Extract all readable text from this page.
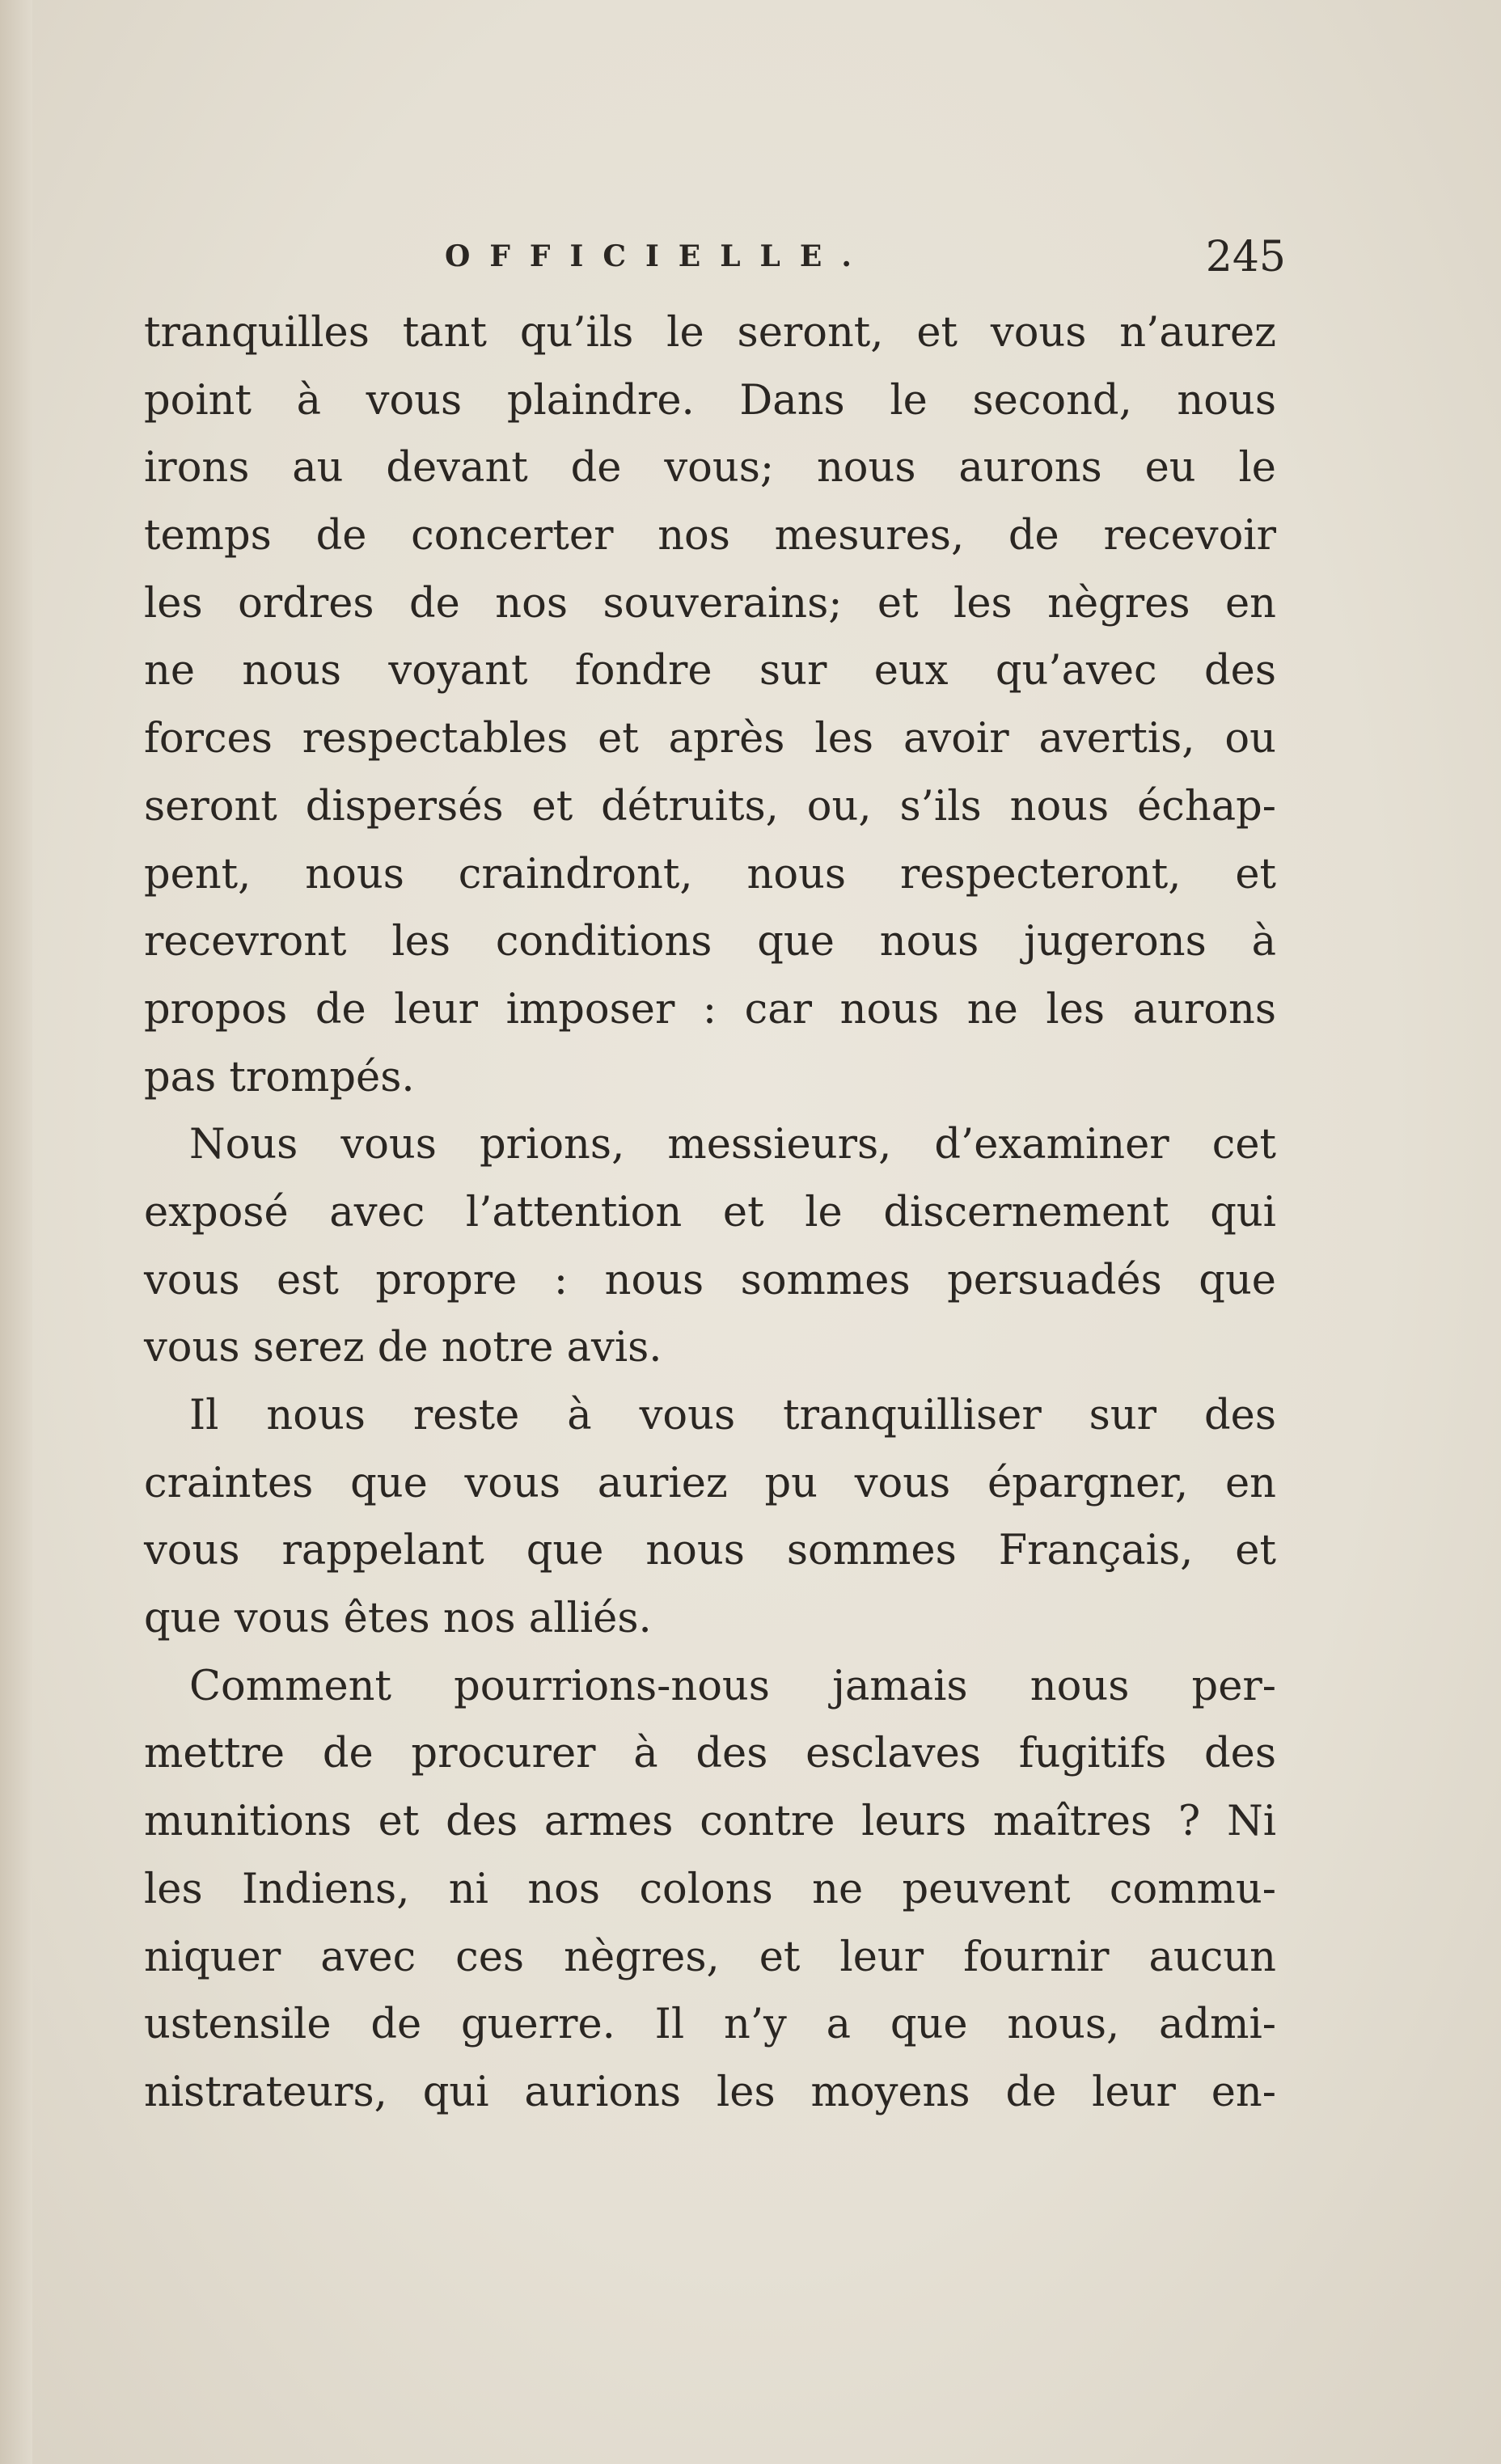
OFFICIELLE.	245
tranquilles tant qu’ils le seront, et vous n’aurez
point à vous plaindre. Dans le second, nous
irons au devant de vous; nous aurons eu le
temps de concerter nos mesures, de recevoir
les ordres de nos souverains; et les nègres en
ne nous voyant fondre sur eux qu’avec des
forces respectables et après les avoir avertis, ou
seront dispersés et détruits, ou, s’ils nous échap-
pent, nous craindront, nous respecteront, et
recevront les conditions que nous jugerons à
propos de leur imposer : car nous ne les aurons
pas trompés.
Nous vous prions, messieurs, d’examiner cet
exposé avec l’attention et le discernement qui
vous est propre : nous sommes persuadés que
vous serez de notre avis.
Il nous reste à vous tranquilliser sur des
craintes que vous auriez pu vous épargner, en
vous rappelant que nous sommes Français, et
que vous êtes nos alliés.
Comment pourrions-nous jamais nous per-
mettre de procurer à des esclaves fugitifs des
munitions et des armes contre leurs maîtres ? Ni
les Indiens, ni nos colons ne peuvent commu-
niquer avec ces nègres, et leur fournir aucun
ustensile de guerre. Il n’y a que nous, admi-
nistrateurs, qui aurions les moyens de leur en-
